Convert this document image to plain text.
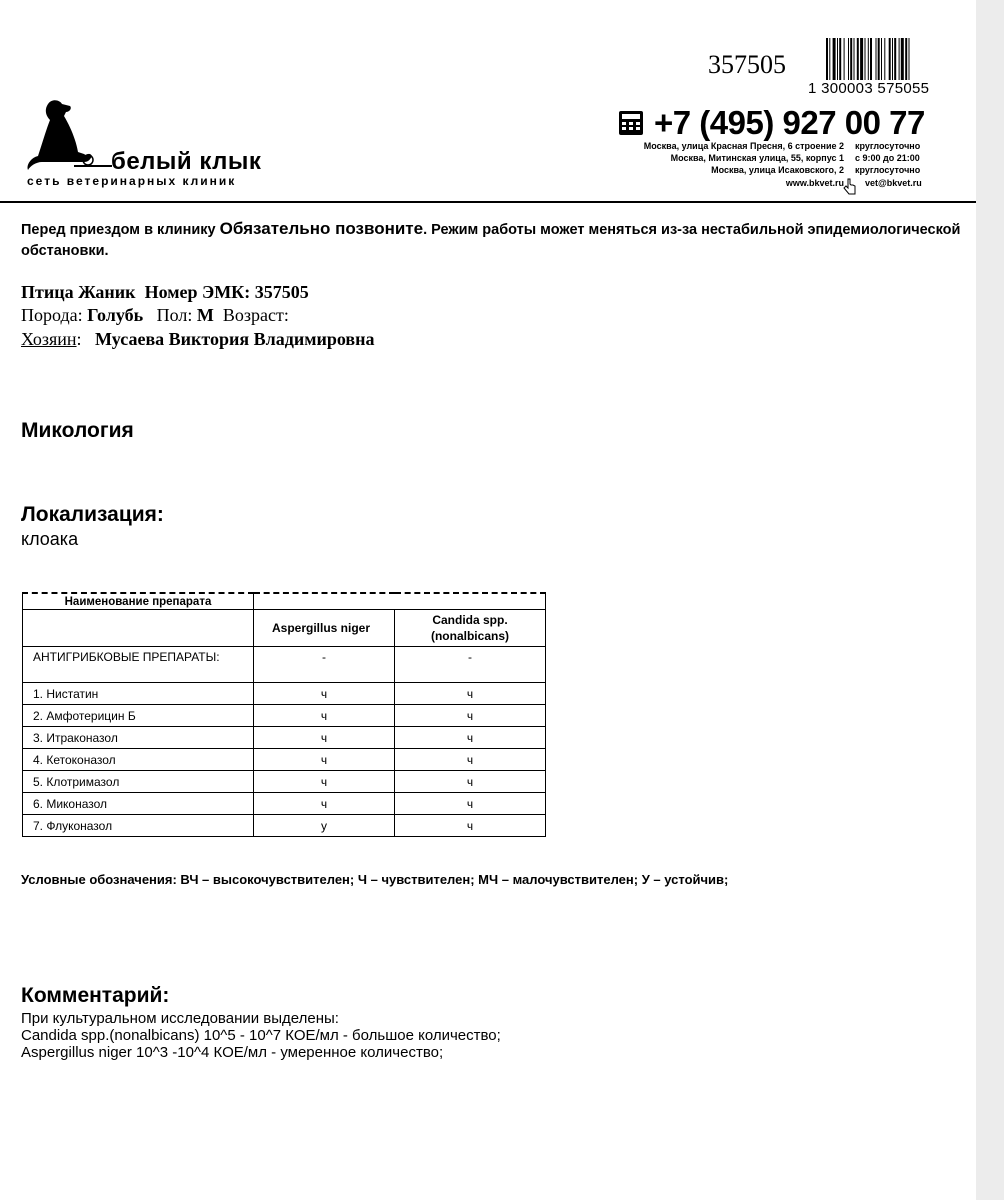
357505
1 300003 575055
+7 (495) 927 00 77
Москва, улица Красная Пресня, 6 строение 2
Москва, Митинская улица, 55, корпус 1
Москва, улица Исаковского, 2
www.bkvet.ru
круглосуточно
с 9:00 до 21:00
круглосуточно
vet@bkvet.ru
белый клык
сеть ветеринарных клиник
Перед приездом в клинику Обязательно позвоните. Режим работы может меняться из-за нестабильной эпидемиологической обстановки.
Птица Жаник Номер ЭМК: 357505
Порода: Голубь Пол: М Возраст:
Хозяин:   Мусаева Виктория Владимировна
Микология
Локализация:
клоака
Наименование препарата		
	Aspergillus niger	Candida spp.(nonalbicans)
АНТИГРИБКОВЫЕ ПРЕПАРАТЫ:	-	-
1. Нистатин	ч	ч
2. Амфотерицин Б	ч	ч
3. Итраконазол	ч	ч
4. Кетоконазол	ч	ч
5. Клотримазол	ч	ч
6. Миконазол	ч	ч
7. Флуконазол	у	ч
Условные обозначения: ВЧ – высокочувствителен; Ч – чувствителен; МЧ – малочувствителен; У – устойчив;
Комментарий:
При культуральном исследовании выделены:
Candida spp.(nonalbicans) 10^5 - 10^7 КОЕ/мл - большое количество;
Aspergillus niger 10^3 -10^4 КОЕ/мл - умеренное количество;
